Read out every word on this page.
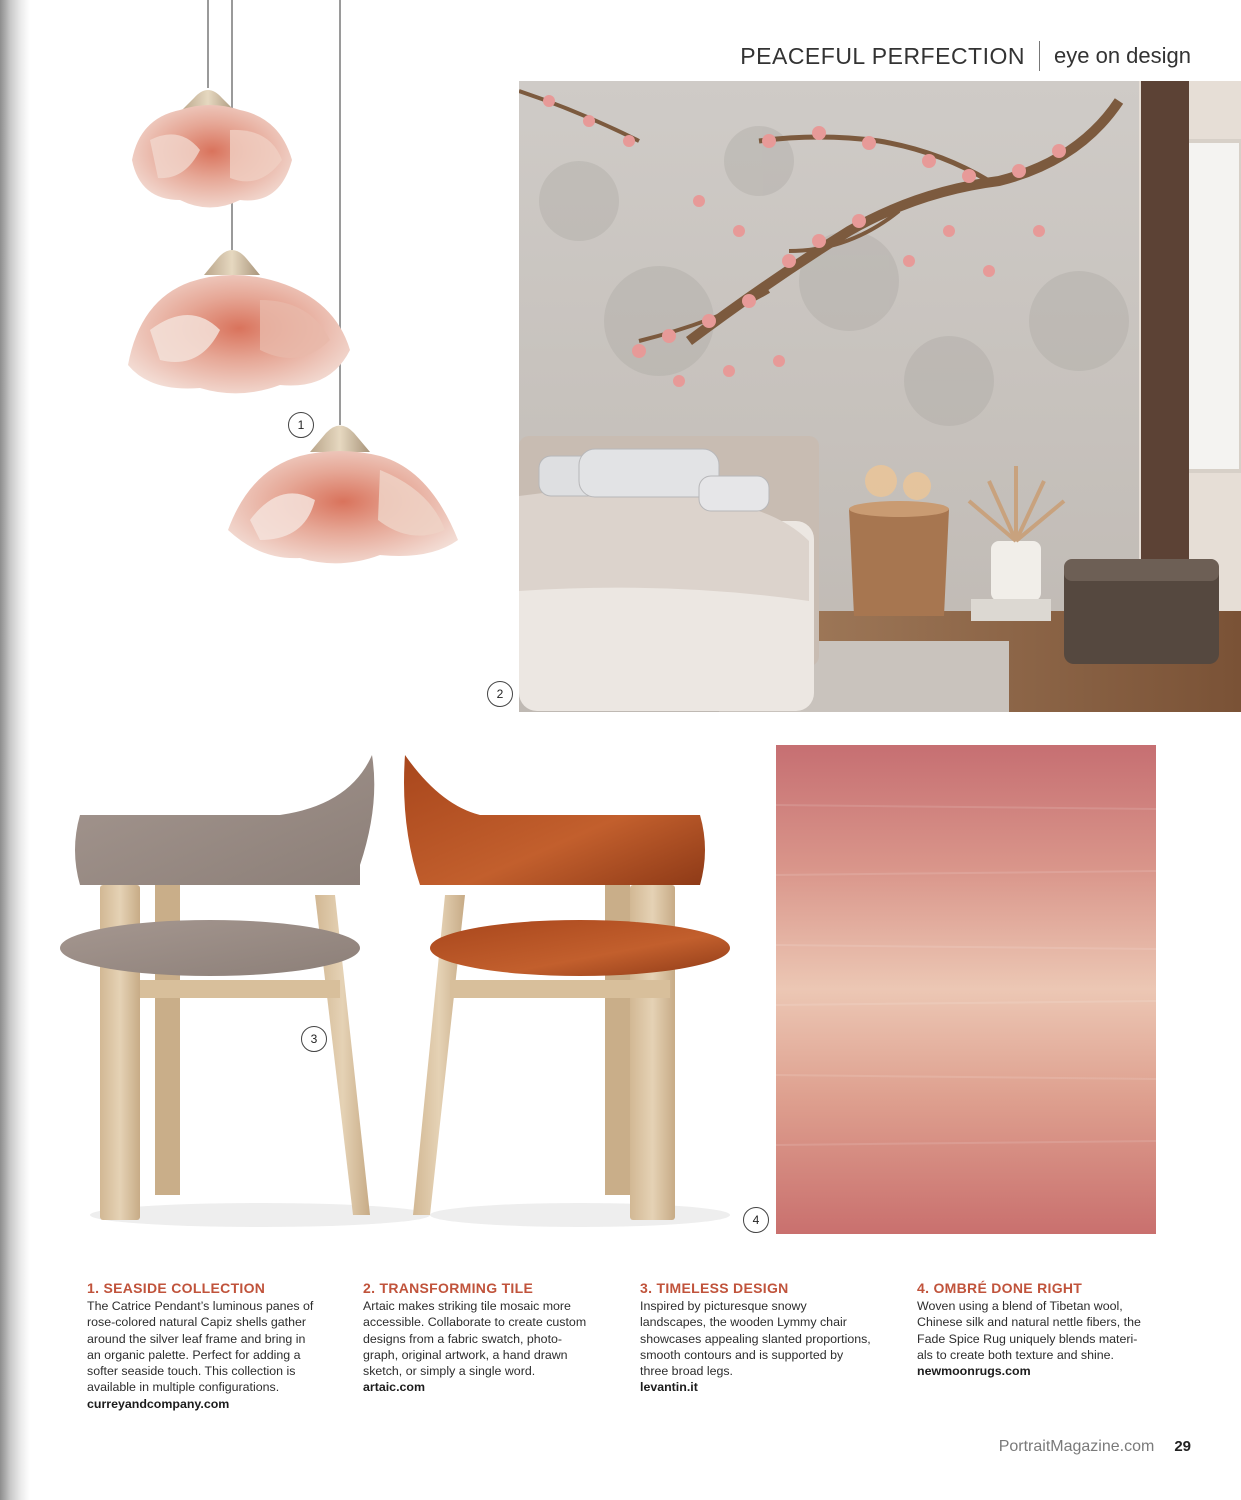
PEACEFUL PERFECTION eye on design
1
2
3
4
1. SEASIDE COLLECTION
The Catrice Pendant’s luminous panes of
rose-colored natural Capiz shells gather
around the silver leaf frame and bring in
an organic palette. Perfect for adding a
softer seaside touch. This collection is
available in multiple configurations.
curreyandcompany.com
2. TRANSFORMING TILE
Artaic makes striking tile mosaic more
accessible. Collaborate to create custom
designs from a fabric swatch, photo-
graph, original artwork, a hand drawn
sketch, or simply a single word.
artaic.com
3. TIMELESS DESIGN
Inspired by picturesque snowy
landscapes, the wooden Lymmy chair
showcases appealing slanted proportions,
smooth contours and is supported by
three broad legs.
levantin.it
4. OMBRÉ DONE RIGHT
Woven using a blend of Tibetan wool,
Chinese silk and natural nettle fibers, the
Fade Spice Rug uniquely blends materi-
als to create both texture and shine.
newmoonrugs.com
PortraitMagazine.com 29
